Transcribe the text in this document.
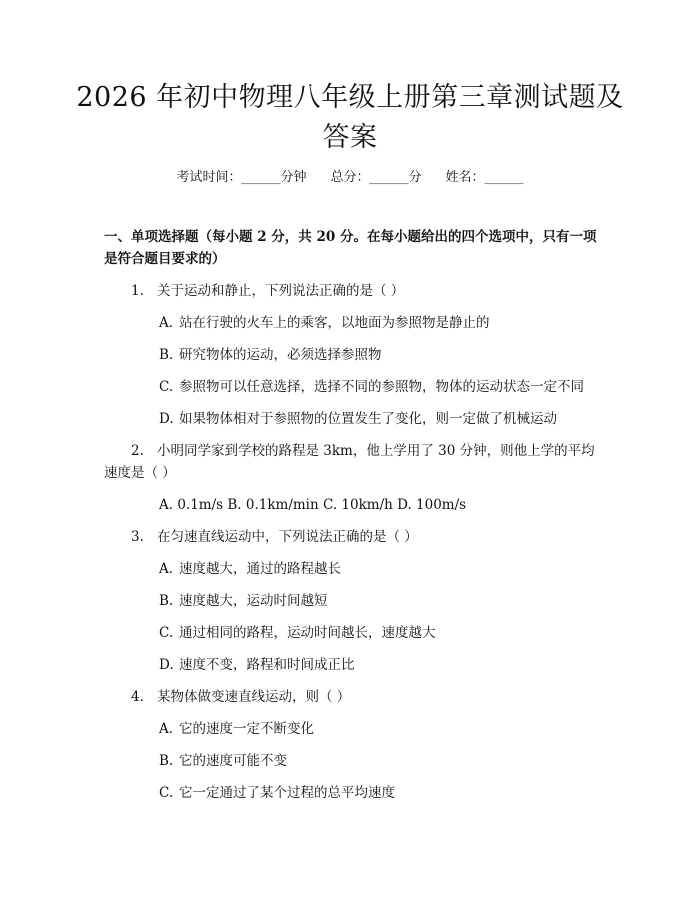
2026 年初中物理八年级上册第三章测试题及
答案
考试时间：______分钟 总分：______分 姓名：______
一、单项选择题（每小题 2 分，共 20 分。在每小题给出的四个选项中，只有一项是符合题目要求的）
1. 关于运动和静止，下列说法正确的是（ ）
A. 站在行驶的火车上的乘客，以地面为参照物是静止的
B. 研究物体的运动，必须选择参照物
C. 参照物可以任意选择，选择不同的参照物，物体的运动状态一定不同
D. 如果物体相对于参照物的位置发生了变化，则一定做了机械运动
2. 小明同学家到学校的路程是 3km，他上学用了 30 分钟，则他上学的平均
速度是（ ）
A. 0.1m/s B. 0.1km/min C. 10km/h D. 100m/s
3. 在匀速直线运动中，下列说法正确的是（ ）
A. 速度越大，通过的路程越长
B. 速度越大，运动时间越短
C. 通过相同的路程，运动时间越长，速度越大
D. 速度不变，路程和时间成正比
4. 某物体做变速直线运动，则（ ）
A. 它的速度一定不断变化
B. 它的速度可能不变
C. 它一定通过了某个过程的总平均速度
